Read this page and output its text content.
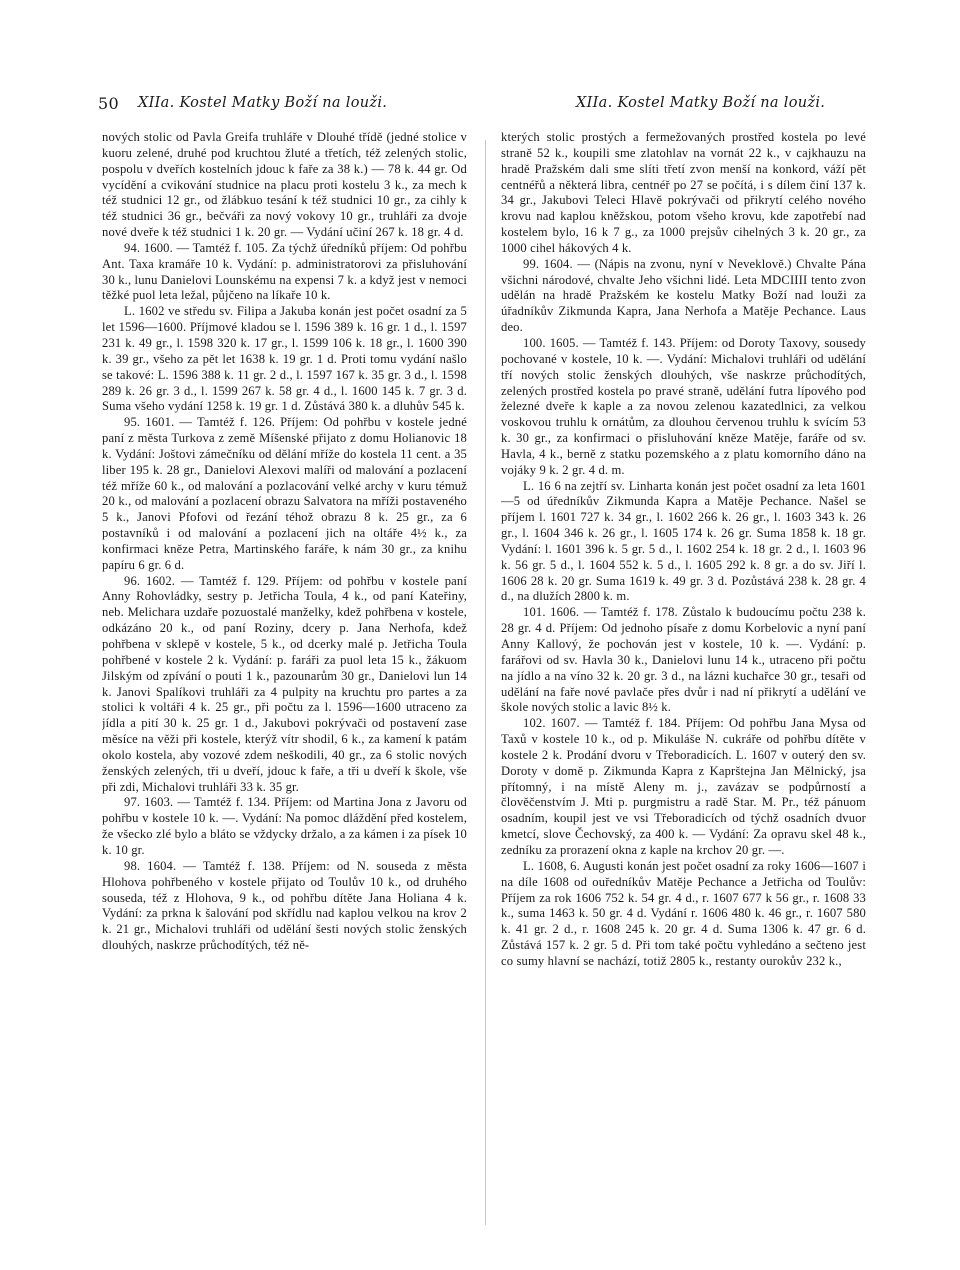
50 XIIa. Kostel Matky Boží na louži.	XIIa. Kostel Matky Boží na louži.

nových stolic od Pavla Greifa truhláře v Dlouhé třídě (jedné stolice v kuoru zelené, druhé pod kruchtou žluté a třetích, též zelených stolic, pospolu v dveřích kostelních jdouc k faře za 38 k.) — 78 k. 44 gr. Od vycídění a cvikování studnice na placu proti kostelu 3 k., za mech k též studnici 12 gr., od žlábkuo tesání k též studnici 10 gr., za cihly k též studnici 36 gr., bečváři za nový vokovy 10 gr., truhláři za dvoje nové dveře k též studnici 1 k. 20 gr. — Vydání učiní 267 k. 18 gr. 4 d.

94. 1600. — Tamtéž f. 105. Za týchž úředníků příjem: Od pohřbu Ant. Taxa kramáře 10 k. Vydání: p. administratorovi za přisluhování 30 k., lunu Danielovi Lounskému na expensi 7 k. a když jest v nemoci těžké puol leta ležal, půjčeno na líkaře 10 k.

L. 1602 ve středu sv. Filipa a Jakuba konán jest počet osadní za 5 let 1596—1600. Příjmové kladou se l. 1596 389 k. 16 gr. 1 d., l. 1597 231 k. 49 gr., l. 1598 320 k. 17 gr., l. 1599 106 k. 18 gr., l. 1600 390 k. 39 gr., všeho za pět let 1638 k. 19 gr. 1 d. Proti tomu vydání našlo se takové: L. 1596 388 k. 11 gr. 2 d., l. 1597 167 k. 35 gr. 3 d., l. 1598 289 k. 26 gr. 3 d., l. 1599 267 k. 58 gr. 4 d., l. 1600 145 k. 7 gr. 3 d. Suma všeho vydání 1258 k. 19 gr. 1 d. Zůstává 380 k. a dluhův 545 k.

95. 1601. — Tamtéž f. 126. Příjem: Od pohřbu v kostele jedné paní z města Turkova z země Míšenské přijato z domu Holianovic 18 k. Vydání: Joštovi zámečníku od dělání mříže do kostela 11 cent. a 35 liber 195 k. 28 gr., Danielovi Alexovi malíři od malování a pozlacení též mříže 60 k., od malování a pozlacování velké archy v kuru témuž 20 k., od malování a pozlacení obrazu Salvatora na mříži postaveného 5 k., Janovi Pfofovi od řezání téhož obrazu 8 k. 25 gr., za 6 postavníků i od malování a pozlacení jich na oltáře 4½ k., za konfirmaci kněze Petra, Martinského faráře, k nám 30 gr., za knihu papíru 6 gr. 6 d.

96. 1602. — Tamtéž f. 129. Příjem: od pohřbu v kostele paní Anny Rohovládky, sestry p. Jetřicha Toula, 4 k., od paní Kateřiny, neb. Melichara uzdaře pozuostalé manželky, kdež pohřbena v kostele, odkázáno 20 k., od paní Roziny, dcery p. Jana Nerhofa, kdež pohřbena v sklepě v kostele, 5 k., od dcerky malé p. Jetřicha Toula pohřbené v kostele 2 k. Vydání: p. faráři za puol leta 15 k., žákuom Jilským od zpívání o pouti 1 k., pazounarům 30 gr., Danielovi lun 14 k. Janovi Spalíkovi truhláři za 4 pulpity na kruchtu pro partes a za stolici k voltáři 4 k. 25 gr., při počtu za l. 1596—1600 utraceno za jídla a pití 30 k. 25 gr. 1 d., Jakubovi pokrývači od postavení zase měsíce na věži při kostele, kterýž vítr shodil, 6 k., za kamení k patám okolo kostela, aby vozové zdem neškodili, 40 gr., za 6 stolic nových ženských zelených, tři u dveří, jdouc k faře, a tři u dveří k škole, vše při zdi, Michalovi truhláři 33 k. 35 gr.

97. 1603. — Tamtéž f. 134. Příjem: od Martina Jona z Javoru od pohřbu v kostele 10 k. —. Vydání: Na pomoc dláždění před kostelem, že všecko zlé bylo a bláto se vždycky držalo, a za kámen i za písek 10 k. 10 gr.

98. 1604. — Tamtéž f. 138. Příjem: od N. souseda z města Hlohova pohřbeného v kostele přijato od Toulův 10 k., od druhého souseda, též z Hlohova, 9 k., od pohřbu dítěte Jana Holiana 4 k. Vydání: za prkna k šalování pod skřídlu nad kaplou velkou na krov 2 k. 21 gr., Michalovi truhláři od udělání šesti nových stolic ženských dlouhých, naskrze průchodítých, též ně-

kterých stolic prostých a fermežovaných prostřed kostela po levé straně 52 k., koupili sme zlatohlav na vornát 22 k., v cajkhauzu na hradě Pražském dali sme slíti třetí zvon menší na konkord, váží pět centnéřů a některá libra, centnéř po 27 se počítá, i s dílem činí 137 k. 34 gr., Jakubovi Teleci Hlavě pokrývači od přikrytí celého nového krovu nad kaplou kněžskou, potom všeho krovu, kde zapotřebí nad kostelem bylo, 16 k 7 g., za 1000 prejsův cihelných 3 k. 20 gr., za 1000 cihel hákových 4 k.

99. 1604. — (Nápis na zvonu, nyní v Neveklově.) Chvalte Pána všichni národové, chvalte Jeho všichni lidé. Leta MDCIIII tento zvon udělán na hradě Pražském ke kostelu Matky Boží nad louži za úřadníkův Zikmunda Kapra, Jana Nerhofa a Matěje Pechance. Laus deo.

100. 1605. — Tamtéž f. 143. Příjem: od Doroty Taxovy, sousedy pochované v kostele, 10 k. —. Vydání: Michalovi truhláři od udělání tří nových stolic ženských dlouhých, vše naskrze průchodítých, zelených prostřed kostela po pravé straně, udělání futra lípového pod železné dveře k kaple a za novou zelenou kazatedlnici, za velkou voskovou truhlu k ornátům, za dlouhou červenou truhlu k svícím 53 k. 30 gr., za konfirmaci o přisluhování kněze Matěje, faráře od sv. Havla, 4 k., berně z statku pozemského a z platu komorního dáno na vojáky 9 k. 2 gr. 4 d. m.

L. 16 6 na zejtří sv. Linharta konán jest počet osadní za leta 1601—5 od úředníkův Zikmunda Kapra a Matěje Pechance. Našel se příjem l. 1601 727 k. 34 gr., l. 1602 266 k. 26 gr., l. 1603 343 k. 26 gr., l. 1604 346 k. 26 gr., l. 1605 174 k. 26 gr. Suma 1858 k. 18 gr. Vydání: l. 1601 396 k. 5 gr. 5 d., l. 1602 254 k. 18 gr. 2 d., l. 1603 96 k. 56 gr. 5 d., l. 1604 552 k. 5 d., l. 1605 292 k. 8 gr. a do sv. Jiří l. 1606 28 k. 20 gr. Suma 1619 k. 49 gr. 3 d. Pozůstává 238 k. 28 gr. 4 d., na dlužích 2800 k. m.

101. 1606. — Tamtéž f. 178. Zůstalo k budoucímu počtu 238 k. 28 gr. 4 d. Příjem: Od jednoho písaře z domu Korbelovic a nyní paní Anny Kallový, že pochován jest v kostele, 10 k. —. Vydání: p. farářovi od sv. Havla 30 k., Danielovi lunu 14 k., utraceno při počtu na jídlo a na víno 32 k. 20 gr. 3 d., na lázni kuchařce 30 gr., tesaři od udělání na faře nové pavlače přes dvůr i nad ní přikrytí a udělání ve škole nových stolic a lavic 8½ k.

102. 1607. — Tamtéž f. 184. Příjem: Od pohřbu Jana Mysa od Taxů v kostele 10 k., od p. Mikuláše N. cukráře od pohřbu dítěte v kostele 2 k. Prodání dvoru v Třeboradicích. L. 1607 v outerý den sv. Doroty v domě p. Zikmunda Kapra z Kapršteјna Jan Mělnický, jsa přítomný, i na místě Aleny m. j., zavázav se podpůrností a člověčenstvím J. Mti p. purgmistru a radě Star. M. Pr., též pánuom osadním, koupil jest ve vsi Třeboradicích od týchž osadních dvuor kmetcí, slove Čechovský, za 400 k. — Vydání: Za opravu skel 48 k., zedníku za prorazení okna z kaple na krchov 20 gr. —.

L. 1608, 6. Augusti konán jest počet osadní za roky 1606—1607 i na díle 1608 od ouředníkův Matěje Pechance a Jetřicha od Toulův: Příjem za rok 1606 752 k. 54 gr. 4 d., r. 1607 677 k 56 gr., r. 1608 33 k., suma 1463 k. 50 gr. 4 d. Vydání r. 1606 480 k. 46 gr., r. 1607 580 k. 41 gr. 2 d., r. 1608 245 k. 20 gr. 4 d. Suma 1306 k. 47 gr. 6 d. Zůstává 157 k. 2 gr. 5 d. Při tom také počtu vyhledáno a sečteno jest co sumy hlavní se nachází, totiž 2805 k., restanty ourokův 232 k.,
